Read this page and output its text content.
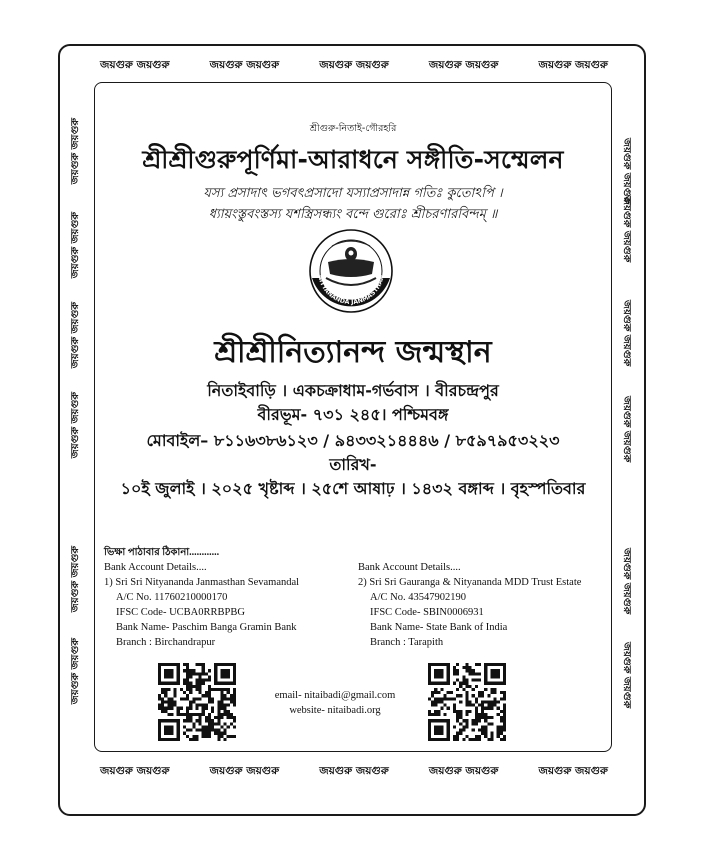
জয়গুরু জয়গুরু	জয়গুরু জয়গুরু	জয়গুরু জয়গুরু	জয়গুরু জয়গুরু	জয়গুরু জয়গুরু
জয়গুরু জয়গুরু	জয়গুরু জয়গুরু	জয়গুরু জয়গুরু	জয়গুরু জয়গুরু	জয়গুরু জয়গুরু
জয়গুরু জয়গুরু
জয়গুরু জয়গুরু
জয়গুরু জয়গুরু
জয়গুরু জয়গুরু
জয়গুরু জয়গুরু
জয়গুরু জয়গুরু
জয়গুরু জয়গুরু
জয়গুরু জয়গুরু
জয়গুরু জয়গুরু
জয়গুরু জয়গুরু
জয়গুরু জয়গুরু
জয়গুরু জয়গুরু
শ্রীগুরু-নিতাই-গৌরহরি
শ্রীশ্রীগুরুপূর্ণিমা-আরাধনে সঙ্গীতি-সম্মেলন
যস্য প্রসাদাৎ ভগবৎপ্রসাদো যস্যাপ্রসাদান্ন গতিঃ কুতোঽপি ।
ধ্যায়ংস্তুবংস্তস্য যশস্ত্রিসন্ধ্যং বন্দে গুরোঃ শ্রীচরণারবিন্দম্ ॥
NITYANANDA JANMASTHAN
শ্রীশ্রীনিত্যানন্দ জন্মস্থান
নিতাইবাড়ি । একচক্রাধাম-গর্ভবাস । বীরচন্দ্রপুর
বীরভূম- ৭৩১ ২৪৫। পশ্চিমবঙ্গ
মোবাইল– ৮১১৬৩৮৬১২৩ / ৯৪৩৩২১৪৪৪৬ / ৮৫৯৭৯৫৩২২৩
তারিখ-
১০ই জুলাই । ২০২৫ খৃষ্টাব্দ । ২৫শে আষাঢ় । ১৪৩২ বঙ্গাব্দ । বৃহস্পতিবার
ভিক্ষা পাঠাবার ঠিকানা............
Bank Account Details....
1) Sri Sri Nityananda Janmasthan Sevamandal
A/C No. 11760210000170
IFSC Code- UCBA0RRBPBG
Bank Name- Paschim Banga Gramin Bank
Branch : Birchandrapur
Bank Account Details....
2) Sri Sri Gauranga & Nityananda MDD Trust Estate
A/C No. 43547902190
IFSC Code- SBIN0006931
Bank Name- State Bank of India
Branch : Tarapith
email- nitaibadi@gmail.com
website- nitaibadi.org
